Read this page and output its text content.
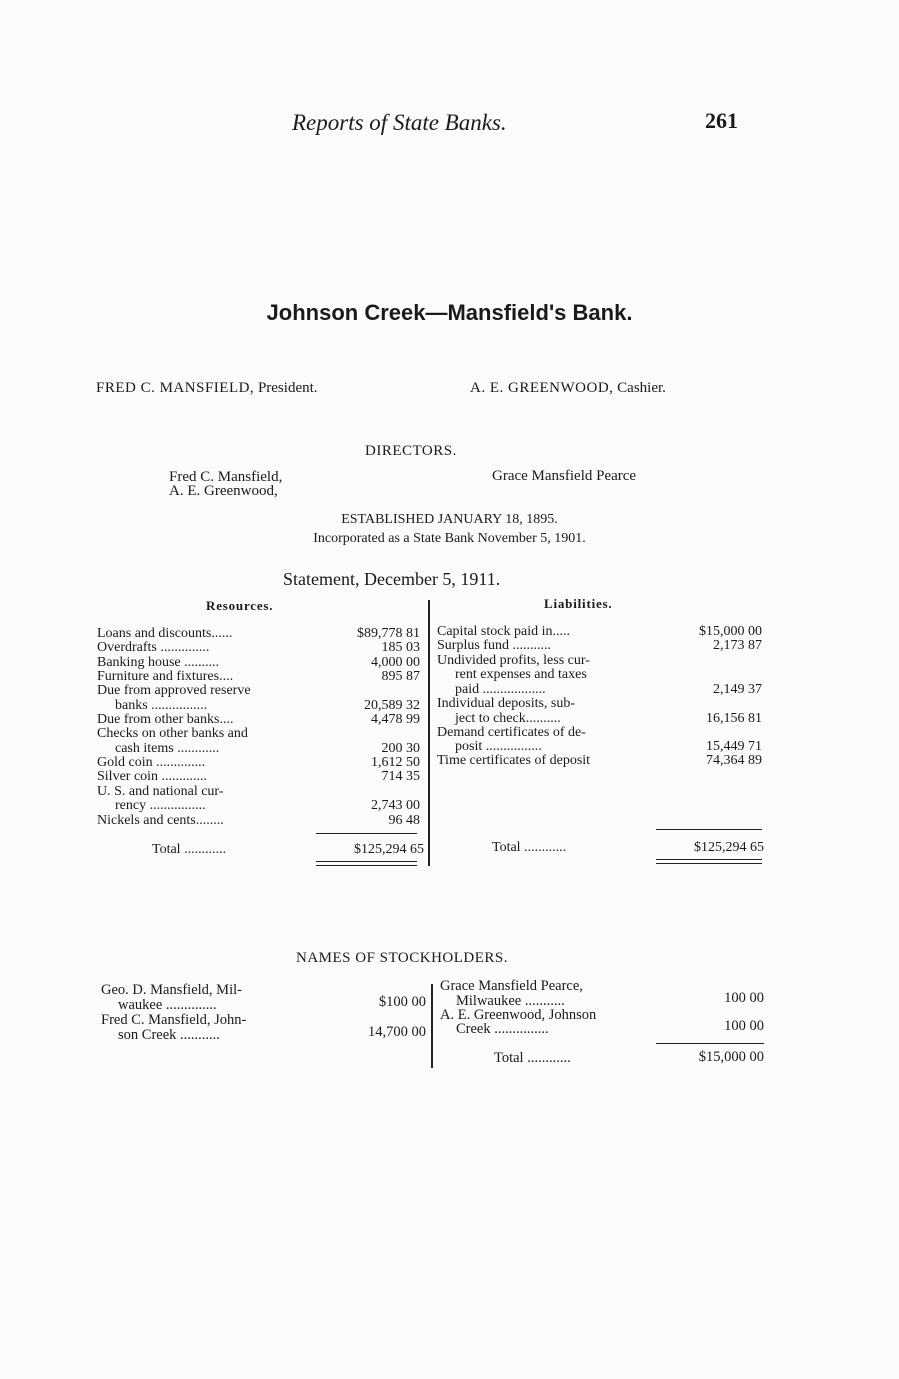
Reports of State Banks.	261
Johnson Creek—Mansfield's Bank.
FRED C. MANSFIELD, President.	A. E. GREENWOOD, Cashier.
DIRECTORS.
Fred C. Mansfield,
A. E. Greenwood,
Grace Mansfield Pearce
ESTABLISHED JANUARY 18, 1895.
Incorporated as a State Bank November 5, 1901.
Statement, December 5, 1911.
Resources.	Liabilities.
Loans and discounts......	$89,778 81
Overdrafts ..............	185 03
Banking house ..........	4,000 00
Furniture and fixtures....	895 87
Due from approved reserve
banks ................	20,589 32
Due from other banks....	4,478 99
Checks on other banks and
cash items ............	200 30
Gold coin ..............	1,612 50
Silver coin .............	714 35
U. S. and national cur-
rency ................	2,743 00
Nickels and cents........	96 48
Capital stock paid in.....	$15,000 00
Surplus fund ...........	2,173 87
Undivided profits, less cur-
rent expenses and taxes
paid ..................	2,149 37
Individual deposits, sub-
ject to check..........	16,156 81
Demand certificates of de-
posit ................	15,449 71
Time certificates of deposit	74,364 89
Total ............	$125,294 65	Total ............	$125,294 65
NAMES OF STOCKHOLDERS.
Geo. D. Mansfield, Mil-
waukee ..............	$100 00
Fred C. Mansfield, John-
son Creek ...........	14,700 00
Grace Mansfield Pearce,
Milwaukee ...........	100 00
A. E. Greenwood, Johnson
Creek ...............	100 00
Total ............	$15,000 00
